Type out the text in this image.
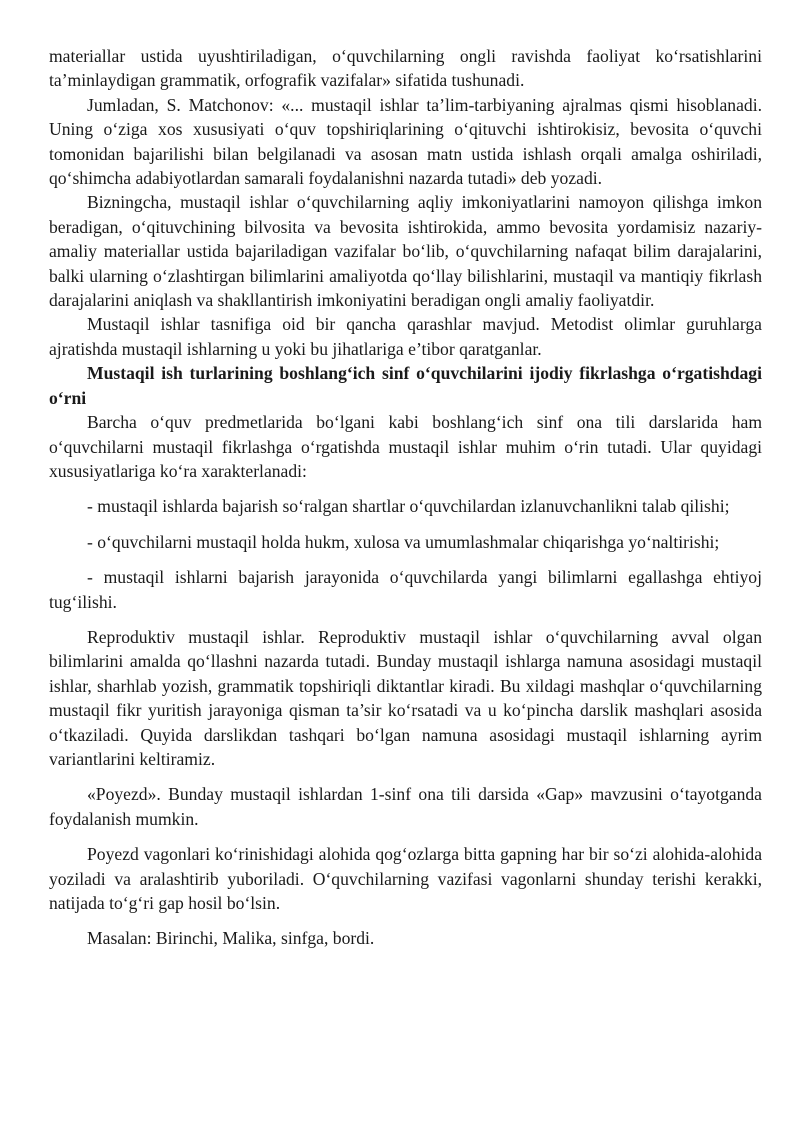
materiallar ustida uyushtiriladigan, o‘quvchilarning ongli ravishda faoliyat ko‘rsatishlarini ta’minlaydigan grammatik, orfografik vazifalar» sifatida tushunadi.

Jumladan, S. Matchonov: «... mustaqil ishlar ta’lim-tarbiyaning ajralmas qismi hisoblanadi. Uning o‘ziga xos xususiyati o‘quv topshiriqlarining o‘qituvchi ishtirokisiz, bevosita o‘quvchi tomonidan bajarilishi bilan belgilanadi va asosan matn ustida ishlash orqali amalga oshiriladi, qo‘shimcha adabiyotlardan samarali foydalanishni nazarda tutadi» deb yozadi.

Bizningcha, mustaqil ishlar o‘quvchilarning aqliy imkoniyatlarini namoyon qilishga imkon beradigan, o‘qituvchining bilvosita va bevosita ishtirokida, ammo bevosita yordamisiz nazariy-amaliy materiallar ustida bajariladigan vazifalar bo‘lib, o‘quvchilarning nafaqat bilim darajalarini, balki ularning o‘zlashtirgan bilimlarini amaliyotda qo‘llay bilishlarini, mustaqil va mantiqiy fikrlash darajalarini aniqlash va shakllantirish imkoniyatini beradigan ongli amaliy faoliyatdir.

Mustaqil ishlar tasnifiga oid bir qancha qarashlar mavjud. Metodist olimlar guruhlarga ajratishda mustaqil ishlarning u yoki bu jihatlariga e’tibor qaratganlar.

Mustaqil ish turlarining boshlang‘ich sinf o‘quvchilarini ijodiy fikrlashga o‘rgatishdagi o‘rni

Barcha o‘quv predmetlarida bo‘lgani kabi boshlang‘ich sinf ona tili darslarida ham o‘quvchilarni mustaqil fikrlashga o‘rgatishda mustaqil ishlar muhim o‘rin tutadi. Ular quyidagi xususiyatlariga ko‘ra xarakterlanadi:

- mustaqil ishlarda bajarish so‘ralgan shartlar o‘quvchilardan izlanuvchanlikni talab qilishi;

- o‘quvchilarni mustaqil holda hukm, xulosa va umumlashmalar chiqarishga yo‘naltirishi;

- mustaqil ishlarni bajarish jarayonida o‘quvchilarda yangi bilimlarni egallashga ehtiyoj tug‘ilishi.

Reproduktiv mustaqil ishlar. Reproduktiv mustaqil ishlar o‘quvchilarning avval olgan bilimlarini amalda qo‘llashni nazarda tutadi. Bunday mustaqil ishlarga namuna asosidagi mustaqil ishlar, sharhlab yozish, grammatik topshiriqli diktantlar kiradi. Bu xildagi mashqlar o‘quvchilarning mustaqil fikr yuritish jarayoniga qisman ta’sir ko‘rsatadi va u ko‘pincha darslik mashqlari asosida o‘tkaziladi. Quyida darslikdan tashqari bo‘lgan namuna asosidagi mustaqil ishlarning ayrim variantlarini keltiramiz.

«Poyezd». Bunday mustaqil ishlardan 1-sinf ona tili darsida «Gap» mavzusini o‘tayotganda foydalanish mumkin.

Poyezd vagonlari ko‘rinishidagi alohida qog‘ozlarga bitta gapning har bir so‘zi alohida-alohida yoziladi va aralashtirib yuboriladi. O‘quvchilarning vazifasi vagonlarni shunday terishi kerakki, natijada to‘g‘ri gap hosil bo‘lsin.

Masalan: Birinchi, Malika, sinfga, bordi.
